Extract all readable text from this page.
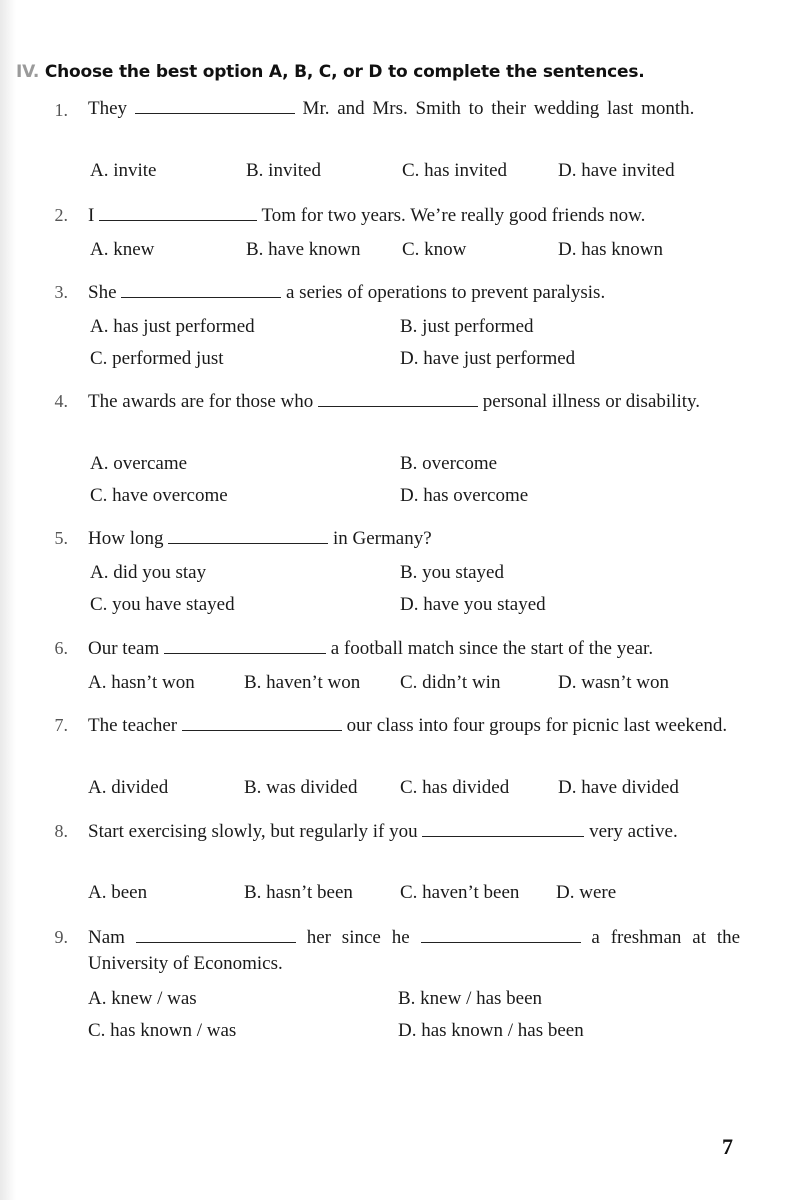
IV. Choose the best option A, B, C, or D to complete the sentences.
1. They	Mr. and Mrs. Smith to their wedding last month.
A. invite	B. invited	C. has invited	D. have invited
2. I	Tom for two years. We’re really good friends now.
A. knew	B. have known C. know	D. has known
3. She	a series of operations to prevent paralysis.
A. has just performed	B. just performed
C. performed just	D. have just performed
4. The awards are for those who	personal illness or disability.
A. overcame	B. overcome
C. have overcome	D. has overcome
5. How long	in Germany?
A. did you stay	B. you stayed
C. you have stayed	D. have you stayed
6. Our team	a football match since the start of the year.
A. hasn’t won	B. haven’t won C. didn’t win	D. wasn’t won
7. The teacher	our class into four groups for picnic last weekend.
A. divided	B. was divided C. has divided	D. have divided
8. Start exercising slowly, but regularly if you	very active.
A. been	B. hasn’t been C. haven’t been D. were
9. Nam	her since he	a freshman at the University of Economics.
A. knew / was	B. knew / has been
C. has known / was	D. has known / has been
7
